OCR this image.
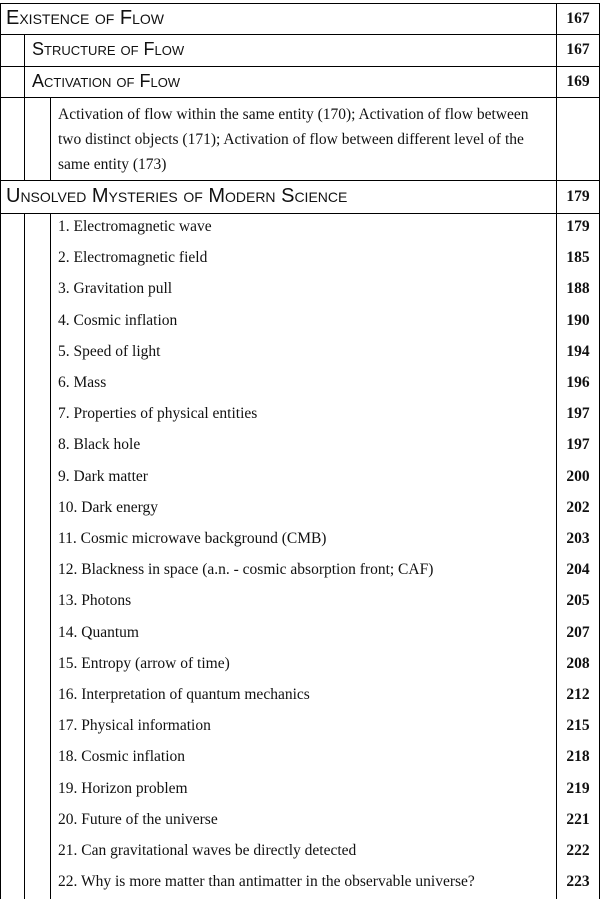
Existence of Flow	167
Structure of Flow	167
Activation of Flow	169
Activation of flow within the same entity (170); Activation of flow between two distinct objects (171); Activation of flow between different level of the same entity (173)
Unsolved Mysteries of Modern Science	179
1. Electromagnetic wave	179
2. Electromagnetic field	185
3. Gravitation pull	188
4. Cosmic inflation	190
5. Speed of light	194
6. Mass	196
7. Properties of physical entities	197
8. Black hole	197
9. Dark matter	200
10. Dark energy	202
11. Cosmic microwave background (CMB)	203
12. Blackness in space (a.n. - cosmic absorption front; CAF)	204
13. Photons	205
14. Quantum	207
15. Entropy (arrow of time)	208
16. Interpretation of quantum mechanics	212
17. Physical information	215
18. Cosmic inflation	218
19. Horizon problem	219
20. Future of the universe	221
21. Can gravitational waves be directly detected	222
22. Why is more matter than antimatter in the observable universe?	223
